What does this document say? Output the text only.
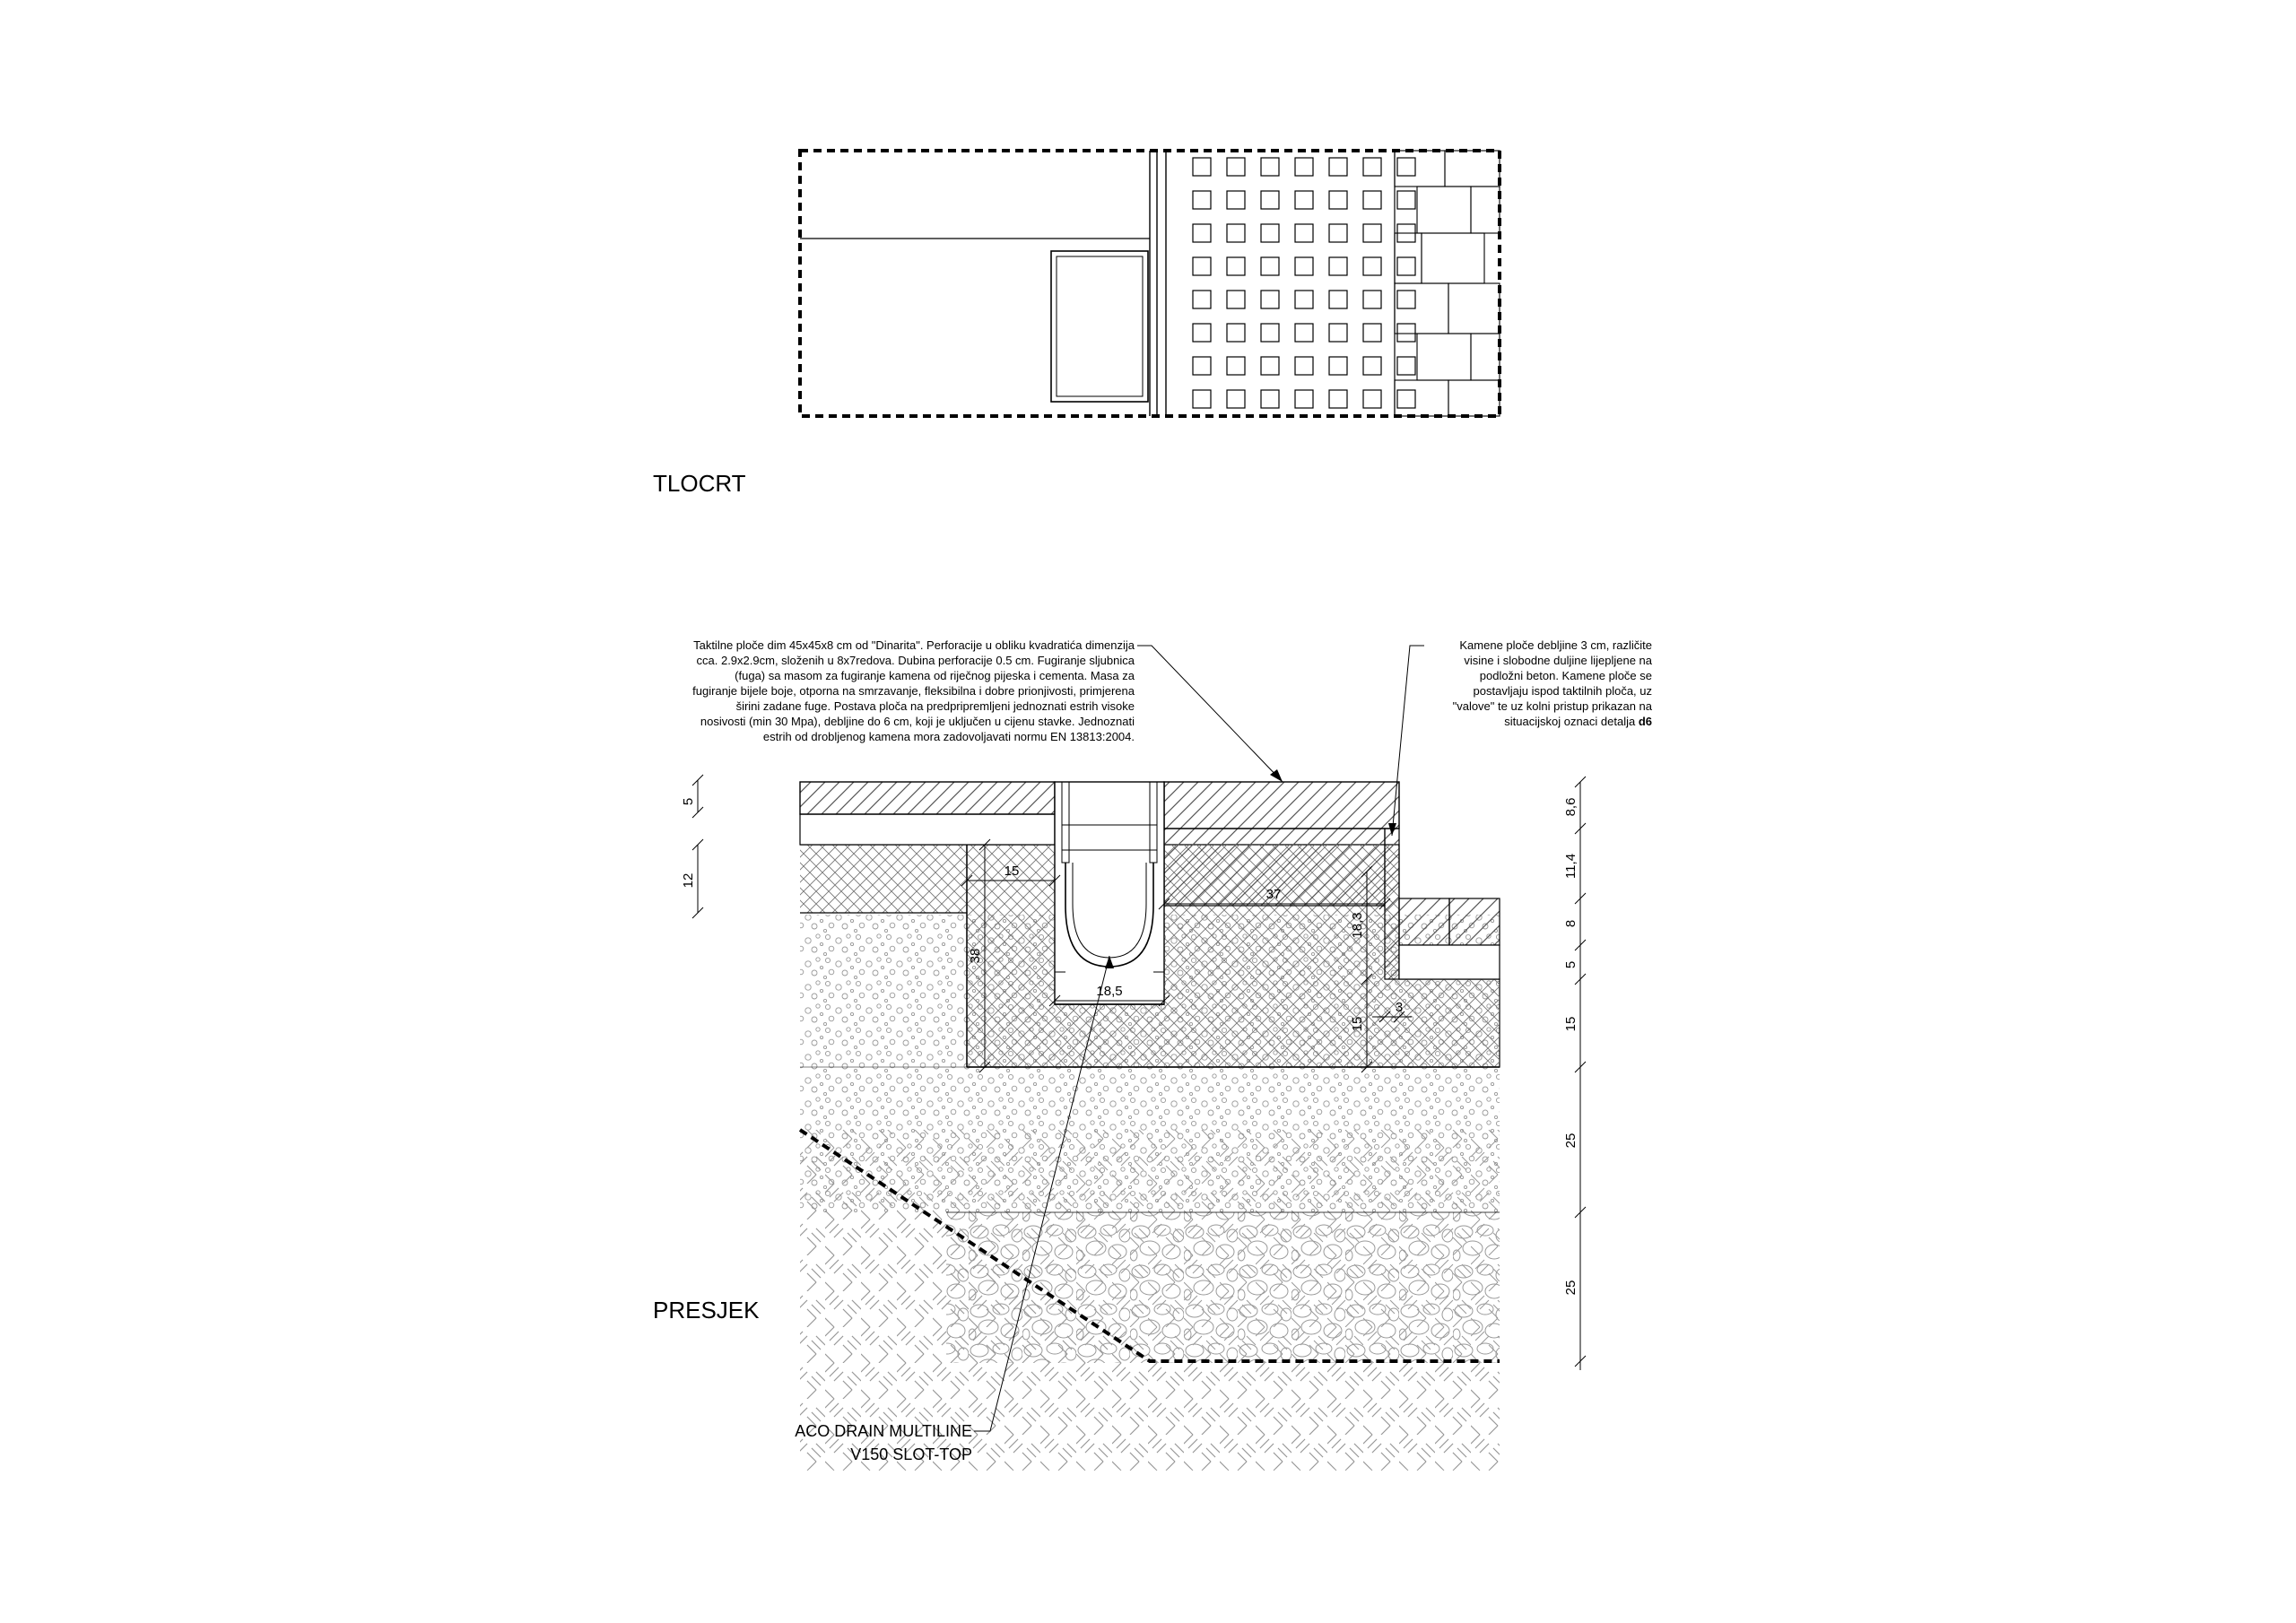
TLOCRT
PRESJEK
Taktilne ploče dim 45x45x8 cm od "Dinarita". Perforacije u obliku kvadratića dimenzija
cca. 2.9x2.9cm, složenih u 8x7redova. Dubina perforacije 0.5 cm. Fugiranje sljubnica
(fuga) sa masom za fugiranje kamena od riječnog pijeska i cementa. Masa za
fugiranje bijele boje, otporna na smrzavanje, fleksibilna i dobre prionjivosti, primjerena
širini zadane fuge. Postava ploča na predpripremljeni jednoznati estrih visoke
nosivosti (min 30 Mpa), debljine do 6 cm, koji je uključen u cijenu stavke. Jednoznati
estrih od drobljenog kamena mora zadovoljavati normu EN 13813:2004.
Kamene ploče debljine 3 cm, različite
visine i slobodne duljine lijepljene na
podložni beton. Kamene ploče se
postavljaju ispod taktilnih ploča, uz
"valove" te uz kolni pristup prikazan na
situacijskoj oznaci detalja d6
ACO DRAIN MULTILINE
V150 SLOT-TOP
5
12
8,6
11,4
8
5
15
25
25
15
38
18,5
37
18,3
15
3
